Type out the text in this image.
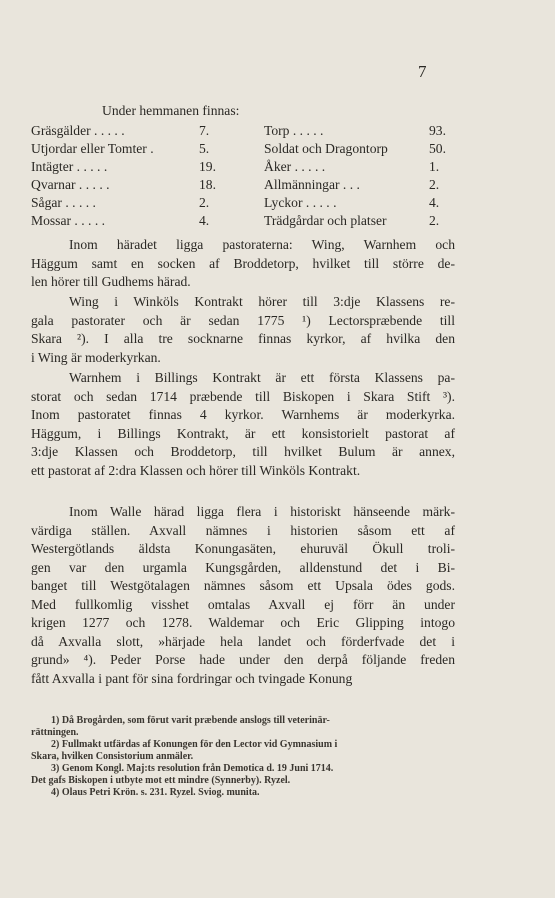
7
Under hemmanen finnas:
Gräsgälder . . . . .	7.	Torp . . . . .	93.
Utjordar eller Tomter .	5.	Soldat och Dragontorp	50.
Intägter . . . . .	19.	Åker . . . . .	1.
Qvarnar . . . . .	18.	Allmänningar . . .	2.
Sågar . . . . .	2.	Lyckor . . . . .	4.
Mossar . . . . .	4.	Trädgårdar och platser	2.
Inom häradet ligga pastoraterna: Wing, Warnhem och
Häggum samt en socken af Broddetorp, hvilket till större de-
len hörer till Gudhems härad.
Wing i Winköls Kontrakt hörer till 3:dje Klassens re-
gala pastorater och är sedan 1775 ¹) Lectorspræbende till
Skara ²). I alla tre socknarne finnas kyrkor, af hvilka den
i Wing är moderkyrkan.
Warnhem i Billings Kontrakt är ett första Klassens pa-
storat och sedan 1714 præbende till Biskopen i Skara Stift ³).
Inom pastoratet finnas 4 kyrkor. Warnhems är moderkyrka.
Häggum, i Billings Kontrakt, är ett konsistorielt pastorat af
3:dje Klassen och Broddetorp, till hvilket Bulum är annex,
ett pastorat af 2:dra Klassen och hörer till Winköls Kontrakt.
Inom Walle härad ligga flera i historiskt hänseende märk-
värdiga ställen. Axvall nämnes i historien såsom ett af
Westergötlands äldsta Konungasäten, ehuruväl Ökull troli-
gen var den urgamla Kungsgården, alldenstund det i Bi-
banget till Westgötalagen nämnes såsom ett Upsala ödes gods.
Med fullkomlig visshet omtalas Axvall ej förr än under
krigen 1277 och 1278. Waldemar och Eric Glipping intogo
då Axvalla slott, »härjade hela landet och förderfvade det i
grund» ⁴). Peder Porse hade under den derpå följande freden
fått Axvalla i pant för sina fordringar och tvingade Konung
1) Då Brogården, som förut varit præbende anslogs till veterinär-
rättningen.
2) Fullmakt utfärdas af Konungen för den Lector vid Gymnasium i
Skara, hvilken Consistorium anmäler.
3) Genom Kongl. Maj:ts resolution från Demotica d. 19 Juni 1714.
Det gafs Biskopen i utbyte mot ett mindre (Synnerby). Ryzel.
4) Olaus Petri Krön. s. 231. Ryzel. Sviog. munita.
